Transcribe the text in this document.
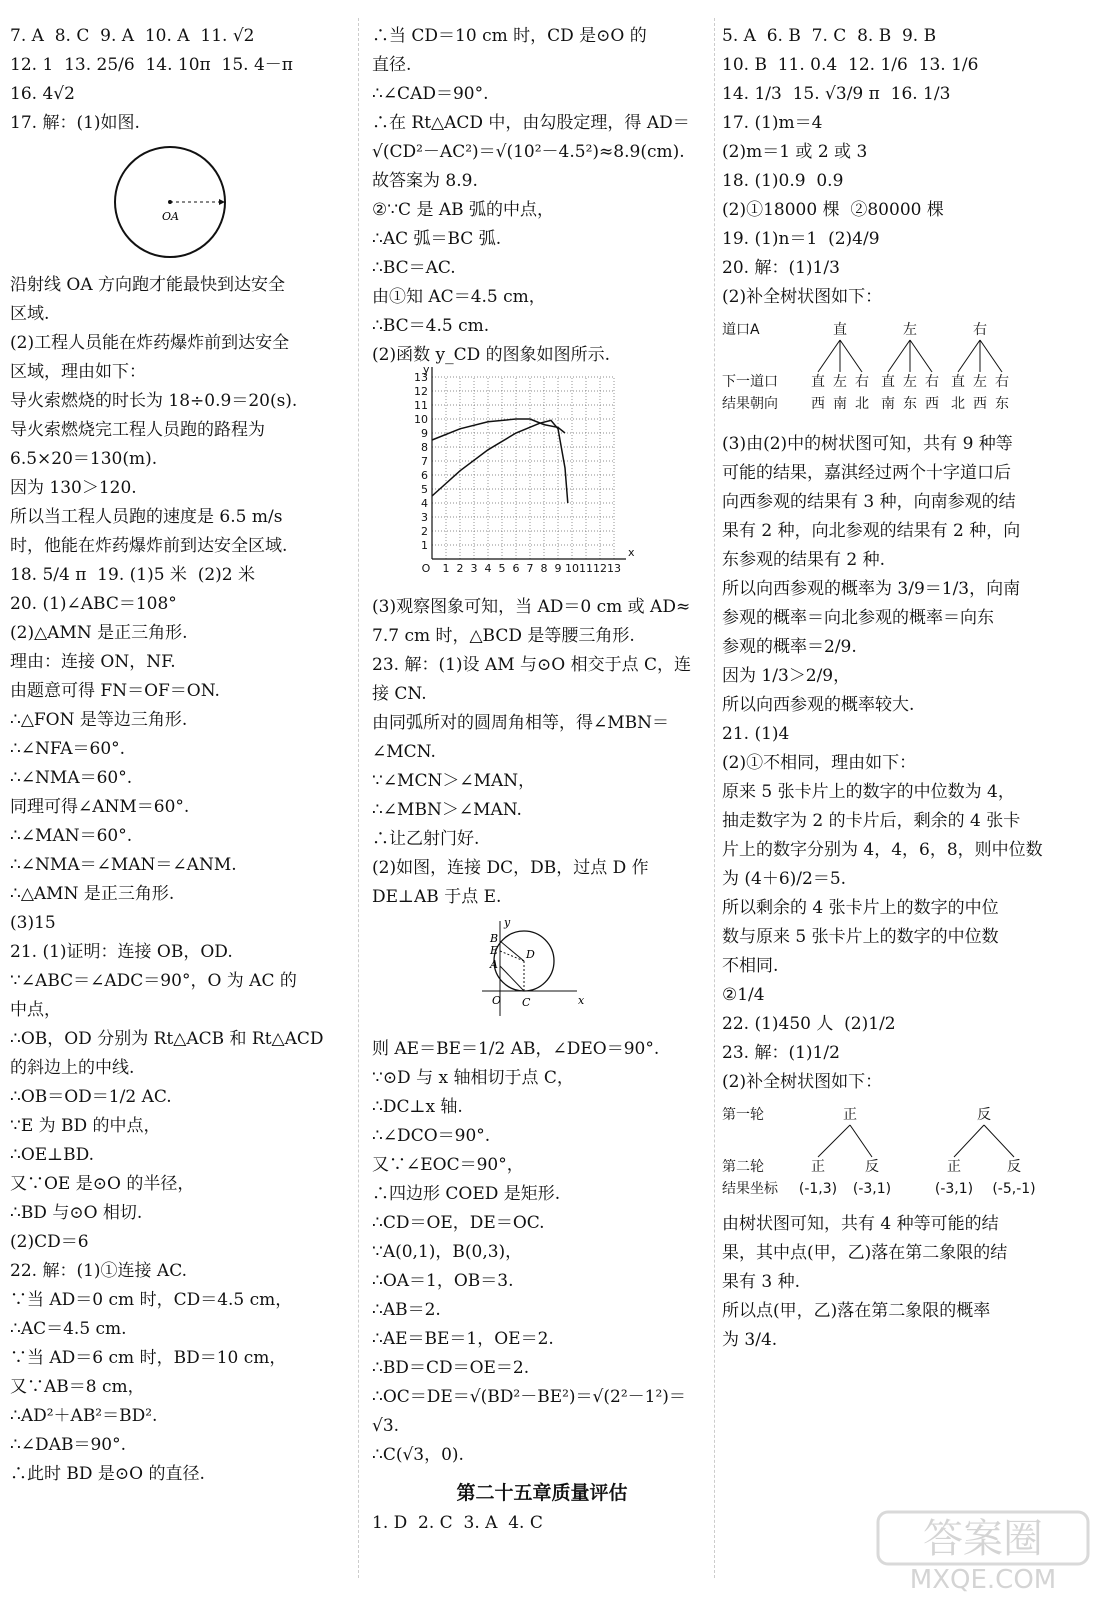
7. A  8. C  9. A  10. A  11. √2
12. 1  13. 25/6  14. 10π  15. 4－π
16. 4√2
17. 解：(1)如图.
OA
沿射线 OA 方向跑才能最快到达安全
区域.
(2)工程人员能在炸药爆炸前到达安全
区域，理由如下：
导火索燃烧的时长为 18÷0.9＝20(s).
导火索燃烧完工程人员跑的路程为
6.5×20＝130(m).
因为 130＞120.
所以当工程人员跑的速度是 6.5 m/s
时，他能在炸药爆炸前到达安全区域.
18. 5/4 π  19. (1)5 米  (2)2 米
20. (1)∠ABC＝108°
(2)△AMN 是正三角形.
理由：连接 ON，NF.
由题意可得 FN＝OF＝ON.
∴△FON 是等边三角形.
∴∠NFA＝60°.
∴∠NMA＝60°.
同理可得∠ANM＝60°.
∴∠MAN＝60°.
∴∠NMA＝∠MAN＝∠ANM.
∴△AMN 是正三角形.
(3)15
21. (1)证明：连接 OB，OD.
∵∠ABC＝∠ADC＝90°，O 为 AC 的
中点，
∴OB，OD 分别为 Rt△ACB 和 Rt△ACD
的斜边上的中线.
∴OB＝OD＝1/2 AC.
∵E 为 BD 的中点，
∴OE⊥BD.
又∵OE 是⊙O 的半径，
∴BD 与⊙O 相切.
(2)CD＝6
22. 解：(1)①连接 AC.
∵当 AD＝0 cm 时，CD＝4.5 cm，
∴AC＝4.5 cm.
∵当 AD＝6 cm 时，BD＝10 cm，
又∵AB＝8 cm，
∴AD²＋AB²＝BD².
∴∠DAB＝90°.
∴此时 BD 是⊙O 的直径.
∴当 CD＝10 cm 时，CD 是⊙O 的
直径.
∴∠CAD＝90°.
∴在 Rt△ACD 中，由勾股定理，得 AD＝
√(CD²－AC²)＝√(10²－4.5²)≈8.9(cm).
故答案为 8.9.
②∵C 是 AB 弧的中点，
∴AC 弧＝BC 弧.
∴BC＝AC.
由①知 AC＝4.5 cm，
∴BC＝4.5 cm.
(2)函数 y_CD 的图象如图所示.
13
12
11
10
9
8
7
6
5
4
3
2
1
1 2 3 4 5 6 7 8 9 10 11 12 13
O
x
y
(3)观察图象可知，当 AD＝0 cm 或 AD≈
7.7 cm 时，△BCD 是等腰三角形.
23. 解：(1)设 AM 与⊙O 相交于点 C，连
接 CN.
由同弧所对的圆周角相等，得∠MBN＝
∠MCN.
∵∠MCN＞∠MAN，
∴∠MBN＞∠MAN.
∴让乙射门好.
(2)如图，连接 DC，DB，过点 D 作
DE⊥AB 于点 E.
y
B
E	D
A
O C	x
则 AE＝BE＝1/2 AB，∠DEO＝90°.
∵⊙D 与 x 轴相切于点 C，
∴DC⊥x 轴.
∴∠DCO＝90°.
又∵∠EOC＝90°，
∴四边形 COED 是矩形.
∴CD＝OE，DE＝OC.
∵A(0,1)，B(0,3)，
∴OA＝1，OB＝3.
∴AB＝2.
∴AE＝BE＝1，OE＝2.
∴BD＝CD＝OE＝2.
∴OC＝DE＝√(BD²－BE²)＝√(2²－1²)＝
√3.
∴C(√3，0).
第二十五章质量评估
1. D  2. C  3. A  4. C
5. A  6. B  7. C  8. B  9. B
10. B  11. 0.4  12. 1/6  13. 1/6
14. 1/3  15. √3/9 π  16. 1/3
17. (1)m＝4
(2)m＝1 或 2 或 3
18. (1)0.9  0.9
(2)①18000 棵  ②80000 棵
19. (1)n＝1  (2)4/9
20. 解：(1)1/3
(2)补全树状图如下：
道口A
下一道口
结果朝向
直	左	右
直 左 右 直 左 右 直 左 右
西 南 北 南 东 西 北 西 东
(3)由(2)中的树状图可知，共有 9 种等
可能的结果，嘉淇经过两个十字道口后
向西参观的结果有 3 种，向南参观的结
果有 2 种，向北参观的结果有 2 种，向
东参观的结果有 2 种.
所以向西参观的概率为 3/9＝1/3，向南
参观的概率＝向北参观的概率＝向东
参观的概率＝2/9.
因为 1/3＞2/9，
所以向西参观的概率较大.
21. (1)4
(2)①不相同，理由如下：
原来 5 张卡片上的数字的中位数为 4，
抽走数字为 2 的卡片后，剩余的 4 张卡
片上的数字分别为 4，4，6，8，则中位数
为 (4＋6)/2＝5.
所以剩余的 4 张卡片上的数字的中位
数与原来 5 张卡片上的数字的中位数
不相同.
②1/4
22. (1)450 人  (2)1/2
23. 解：(1)1/2
(2)补全树状图如下：
第一轮
第二轮
结果坐标
正	反
正	反	正	反
(-1,3) (-3,1)	(-3,1) (-5,-1)
由树状图可知，共有 4 种等可能的结
果，其中点(甲，乙)落在第二象限的结
果有 3 种.
所以点(甲，乙)落在第二象限的概率
为 3/4.
答案圈
MXQE.COM
